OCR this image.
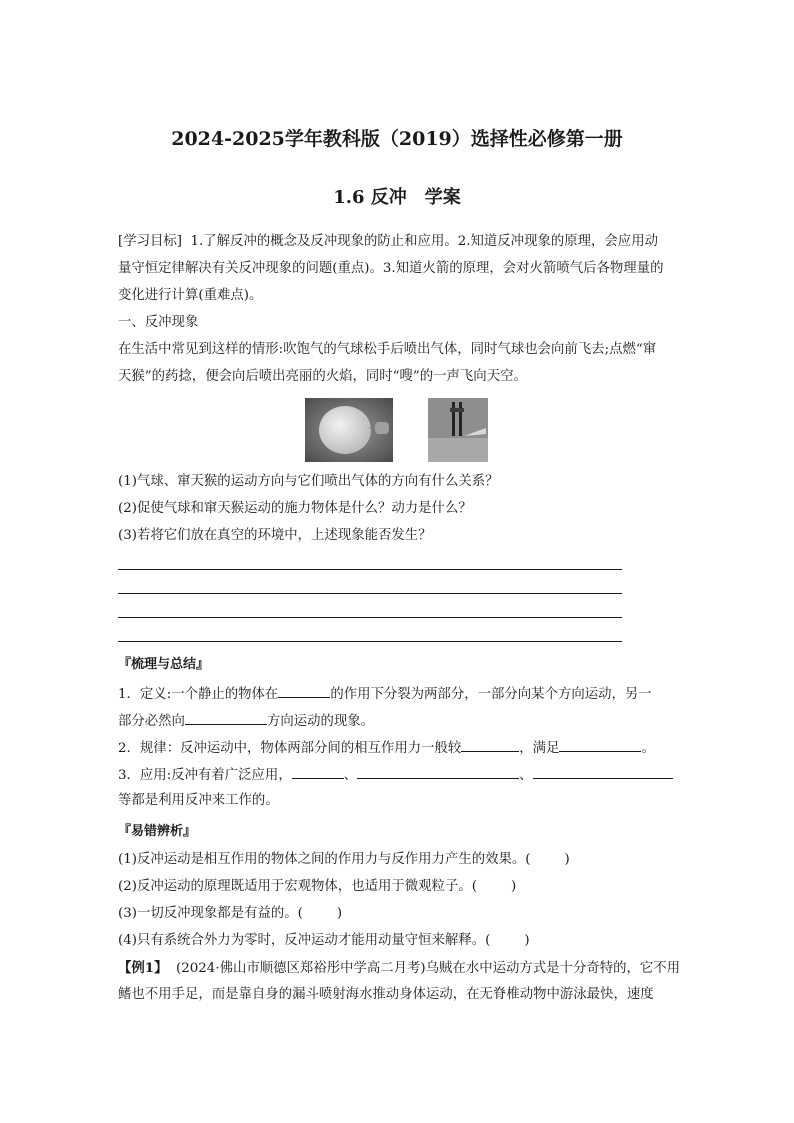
2024-2025学年教科版（2019）选择性必修第一册
1.6 反冲　学案
[学习目标] 1.了解反冲的概念及反冲现象的防止和应用。2.知道反冲现象的原理，会应用动
量守恒定律解决有关反冲现象的问题(重点)。3.知道火箭的原理，会对火箭喷气后各物理量的
变化进行计算(重难点)。
一、反冲现象
在生活中常见到这样的情形:吹饱气的气球松手后喷出气体，同时气球也会向前飞去;点燃“窜
天猴”的药捻，便会向后喷出亮丽的火焰，同时“嗖”的一声飞向天空。
(1)气球、窜天猴的运动方向与它们喷出气体的方向有什么关系？
(2)促使气球和窜天猴运动的施力物体是什么？动力是什么？
(3)若将它们放在真空的环境中，上述现象能否发生？
『梳理与总结』
1．定义:一个静止的物体在	的作用下分裂为两部分，一部分向某个方向运动，另一
部分必然向	方向运动的现象。
2．规律：反冲运动中，物体两部分间的相互作用力一般较	，满足	。
3．应用:反冲有着广泛应用，	、	、
等都是利用反冲来工作的。
『易错辨析』
(1)反冲运动是相互作用的物体之间的作用力与反作用力产生的效果。(	)
(2)反冲运动的原理既适用于宏观物体，也适用于微观粒子。(	)
(3)一切反冲现象都是有益的。(	)
(4)只有系统合外力为零时，反冲运动才能用动量守恒来解释。(	)
【例1】 (2024·佛山市顺德区郑裕彤中学高二月考)乌贼在水中运动方式是十分奇特的，它不用
鳍也不用手足，而是靠自身的漏斗喷射海水推动身体运动，在无脊椎动物中游泳最快，速度
